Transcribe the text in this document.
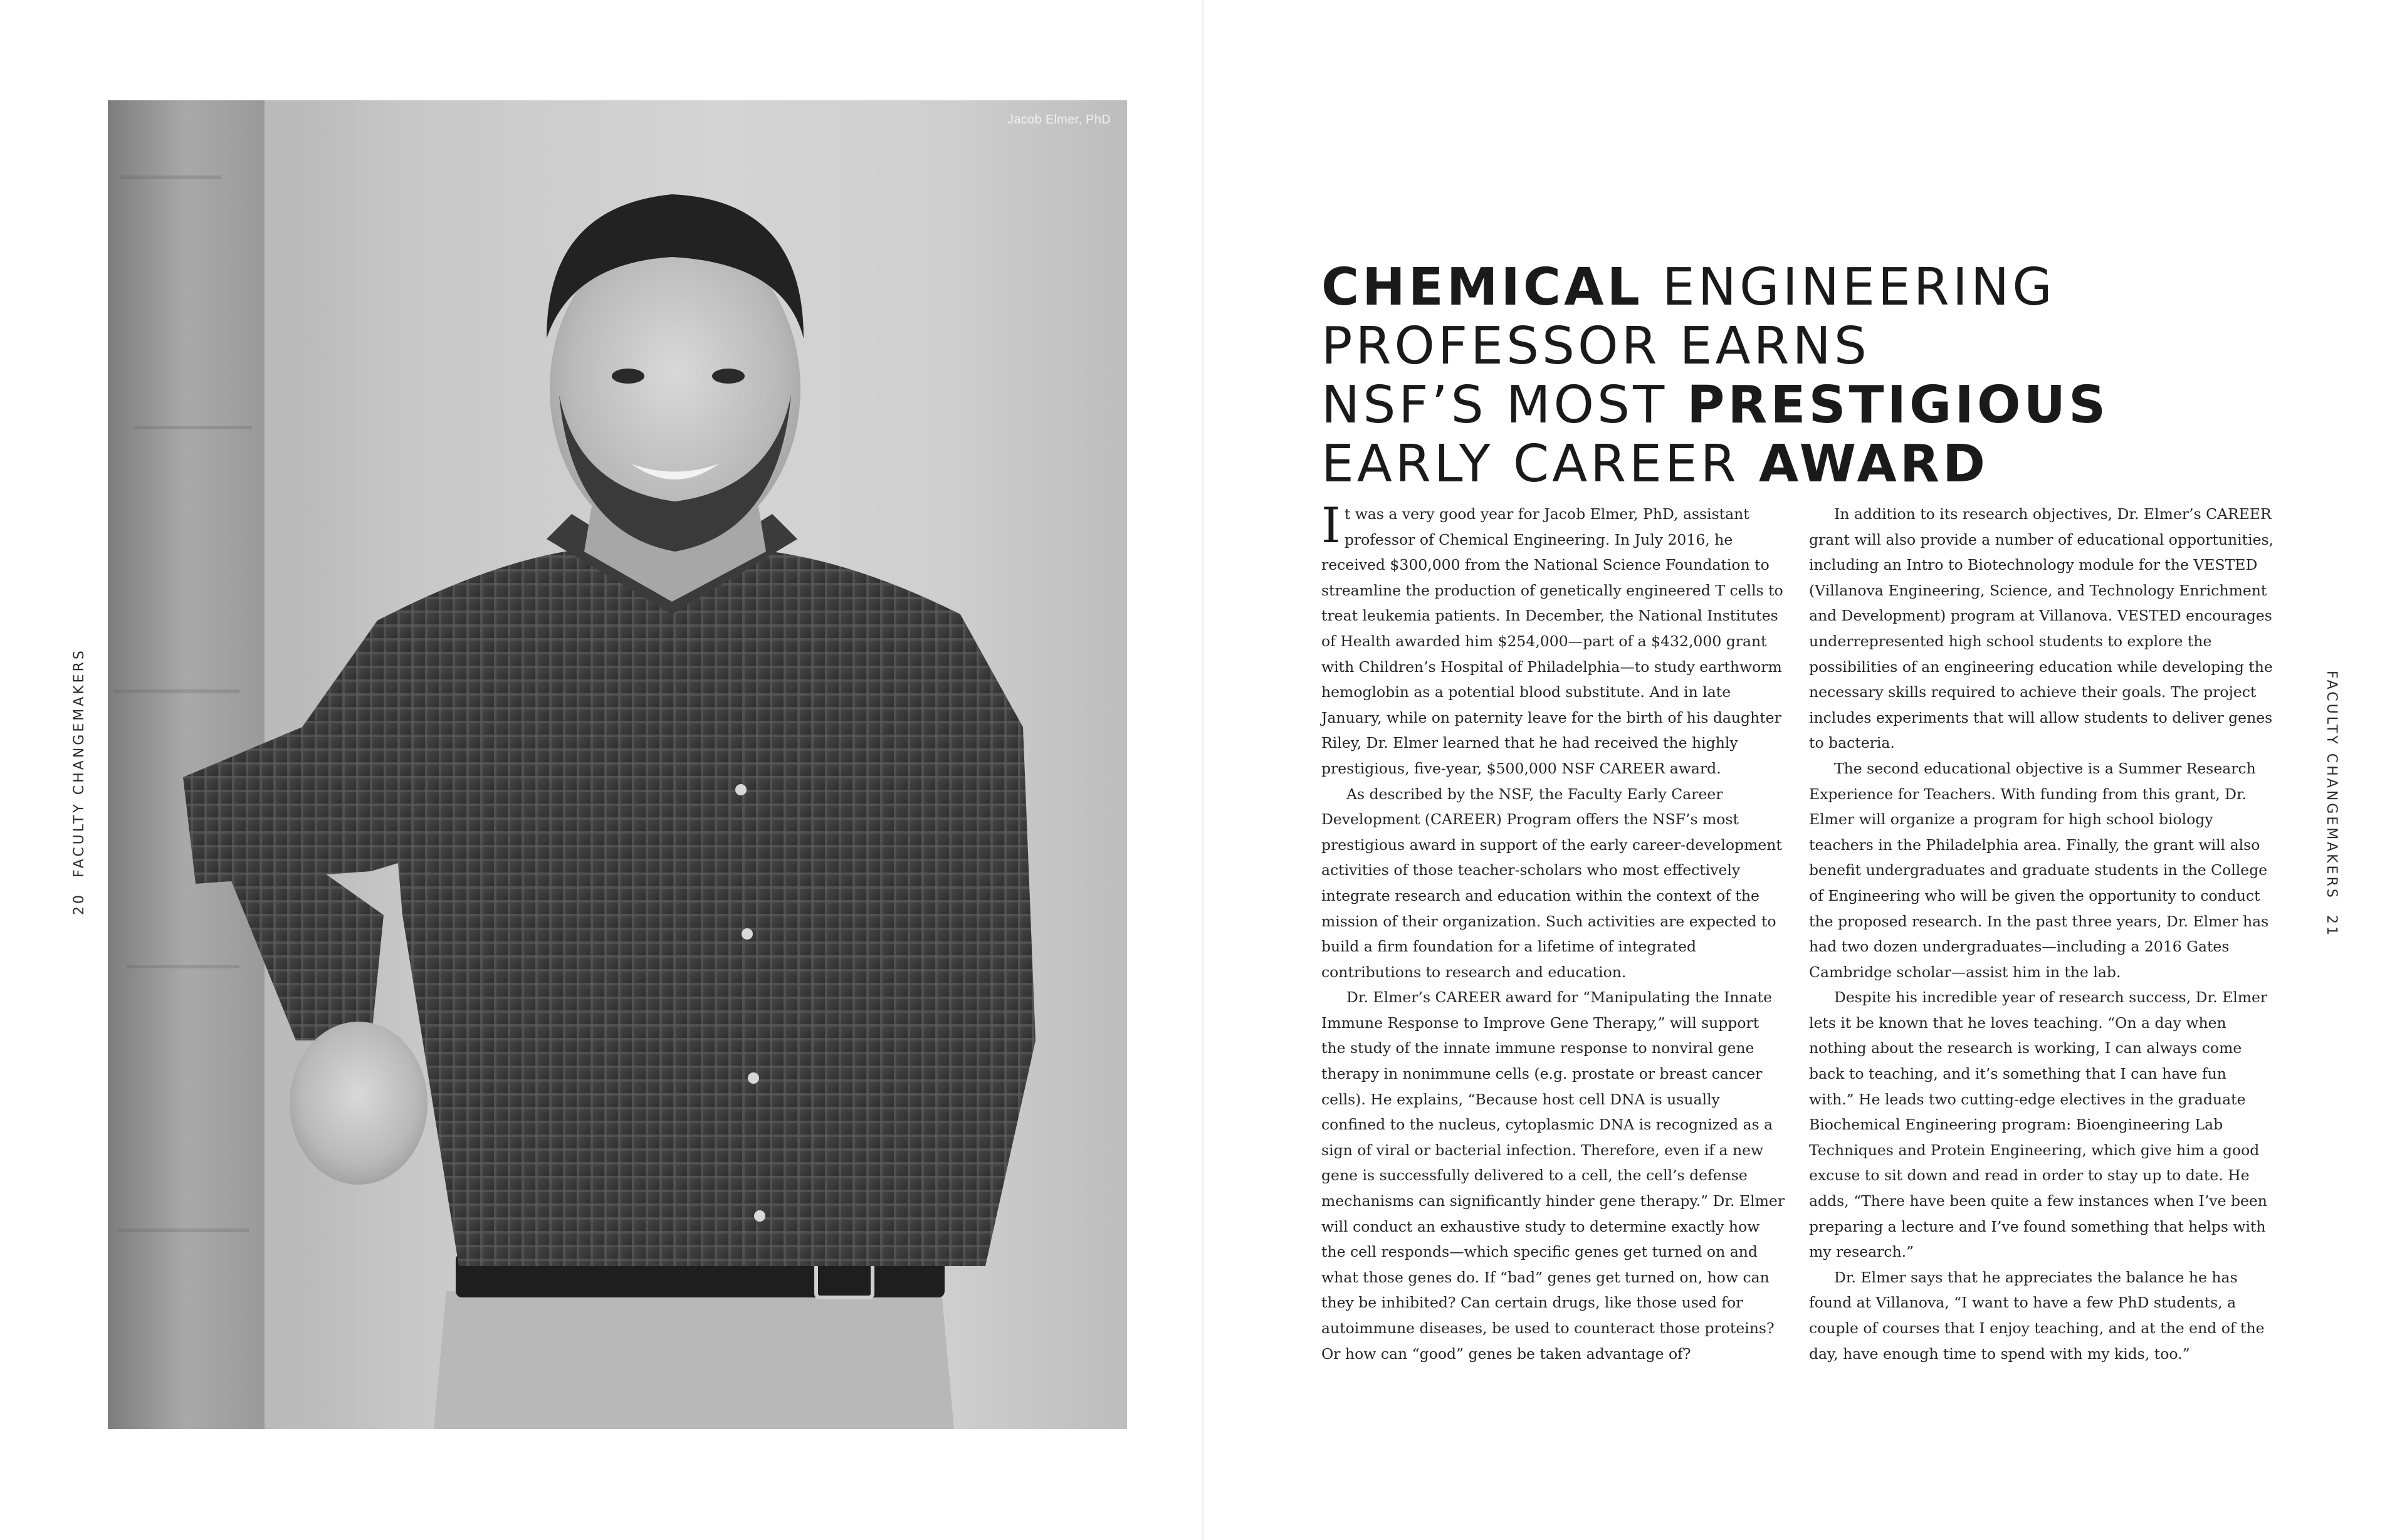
Jacob Elmer, PhD
20FACULTY CHANGEMAKERS	FACULTY CHANGEMAKERS21
CHEMICAL ENGINEERING
PROFESSOR EARNS
NSF’S MOST PRESTIGIOUS
EARLY CAREER AWARD

It was a very good year for Jacob Elmer, PhD, assistant professor of Chemical Engineering. In July 2016, he received $300,000 from the National Science Foundation to streamline the production of genetically engineered T cells to treat leukemia patients. In December, the National Institutes of Health awarded him $254,000—part of a $432,000 grant with Children’s Hospital of Philadelphia—to study earthworm hemoglobin as a potential blood substitute. And in late January, while on paternity leave for the birth of his daughter Riley, Dr. Elmer learned that he had received the highly prestigious, five-year, $500,000 NSF CAREER award.

As described by the NSF, the Faculty Early Career Development (CAREER) Program offers the NSF’s most prestigious award in support of the early career-development activities of those teacher-scholars who most effectively integrate research and education within the context of the mission of their organization. Such activities are expected to build a firm foundation for a lifetime of integrated contributions to research and education.

Dr. Elmer’s CAREER award for “Manipulating the Innate Immune Response to Improve Gene Therapy,” will support the study of the innate immune response to nonviral gene therapy in nonimmune cells (e.g. prostate or breast cancer cells). He explains, “Because host cell DNA is usually confined to the nucleus, cytoplasmic DNA is recognized as a sign of viral or bacterial infection. Therefore, even if a new gene is successfully delivered to a cell, the cell’s defense mechanisms can significantly hinder gene therapy.” Dr. Elmer will conduct an exhaustive study to determine exactly how the cell responds—which specific genes get turned on and what those genes do. If “bad” genes get turned on, how can they be inhibited? Can certain drugs, like those used for autoimmune diseases, be used to counteract those proteins? Or how can “good” genes be taken advantage of?

In addition to its research objectives, Dr. Elmer’s CAREER grant will also provide a number of educational opportunities, including an Intro to Biotechnology module for the VESTED (Villanova Engineering, Science, and Technology Enrichment and Development) program at Villanova. VESTED encourages underrepresented high school students to explore the possibilities of an engineering education while developing the necessary skills required to achieve their goals. The project includes experiments that will allow students to deliver genes to bacteria.

The second educational objective is a Summer Research Experience for Teachers. With funding from this grant, Dr. Elmer will organize a program for high school biology teachers in the Philadelphia area. Finally, the grant will also benefit undergraduates and graduate students in the College of Engineering who will be given the opportunity to conduct the proposed research. In the past three years, Dr. Elmer has had two dozen undergraduates—including a 2016 Gates Cambridge scholar—assist him in the lab.

Despite his incredible year of research success, Dr. Elmer lets it be known that he loves teaching. “On a day when nothing about the research is working, I can always come back to teaching, and it’s something that I can have fun with.” He leads two cutting-edge electives in the graduate Biochemical Engineering program: Bioengineering Lab Techniques and Protein Engineering, which give him a good excuse to sit down and read in order to stay up to date. He adds, “There have been quite a few instances when I’ve been preparing a lecture and I’ve found something that helps with my research.”

Dr. Elmer says that he appreciates the balance he has found at Villanova, “I want to have a few PhD students, a couple of courses that I enjoy teaching, and at the end of the day, have enough time to spend with my kids, too.”
